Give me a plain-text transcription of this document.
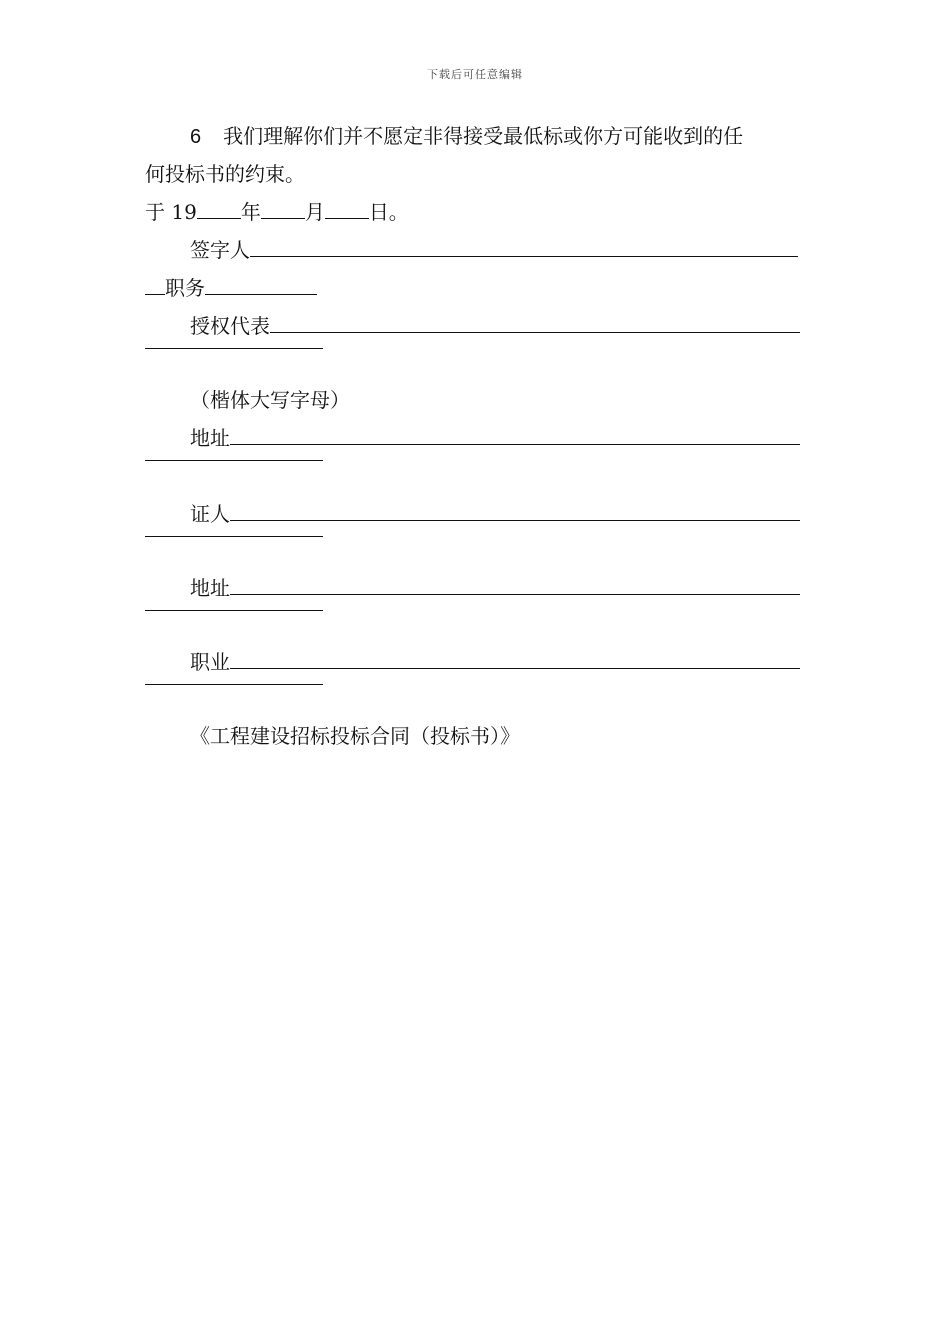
下载后可任意编辑
6 我们理解你们并不愿定非得接受最低标或你方可能收到的任
何投标书的约束。
于 19 年 月 日。
签字人
职务
授权代表
（楷体大写字母）
地址
证人
地址
职业
《工程建设招标投标合同（投标书）》
